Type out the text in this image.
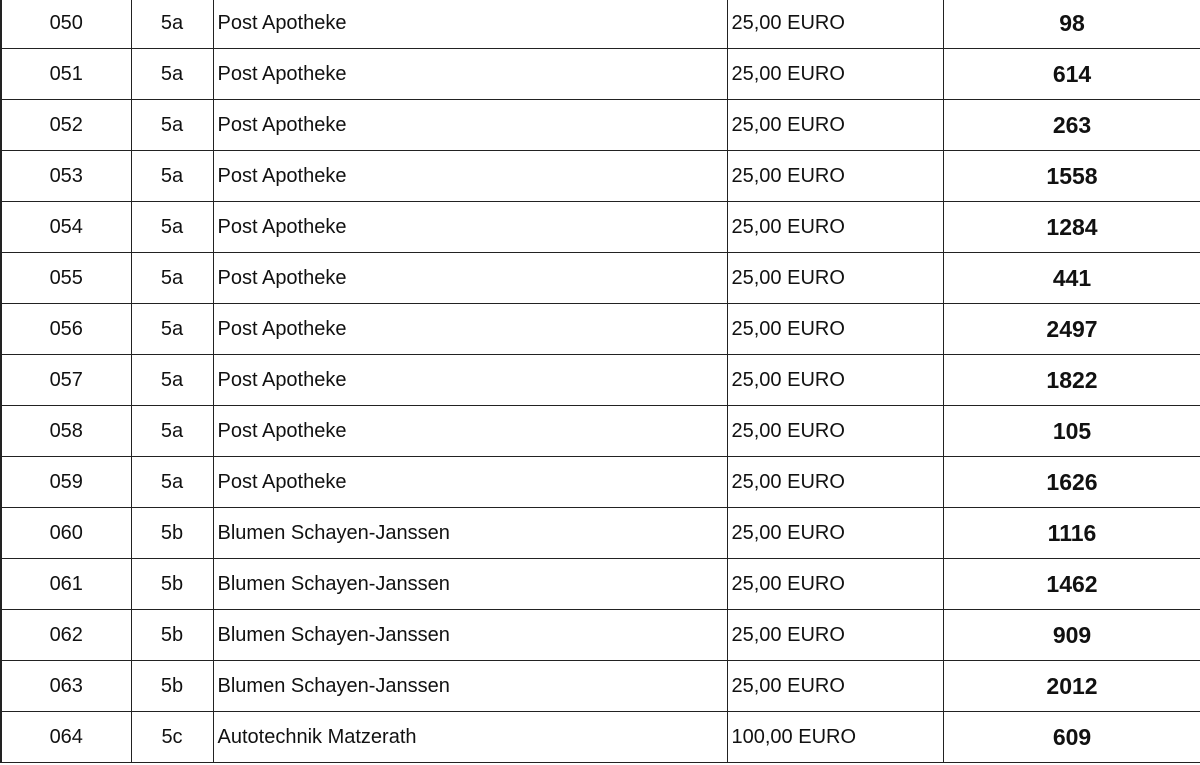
050	5a	Post Apotheke	25,00 EURO	98
051	5a	Post Apotheke	25,00 EURO	614
052	5a	Post Apotheke	25,00 EURO	263
053	5a	Post Apotheke	25,00 EURO	1558
054	5a	Post Apotheke	25,00 EURO	1284
055	5a	Post Apotheke	25,00 EURO	441
056	5a	Post Apotheke	25,00 EURO	2497
057	5a	Post Apotheke	25,00 EURO	1822
058	5a	Post Apotheke	25,00 EURO	105
059	5a	Post Apotheke	25,00 EURO	1626
060	5b	Blumen Schayen-Janssen	25,00 EURO	1116
061	5b	Blumen Schayen-Janssen	25,00 EURO	1462
062	5b	Blumen Schayen-Janssen	25,00 EURO	909
063	5b	Blumen Schayen-Janssen	25,00 EURO	2012
064	5c	Autotechnik Matzerath	100,00 EURO	609
